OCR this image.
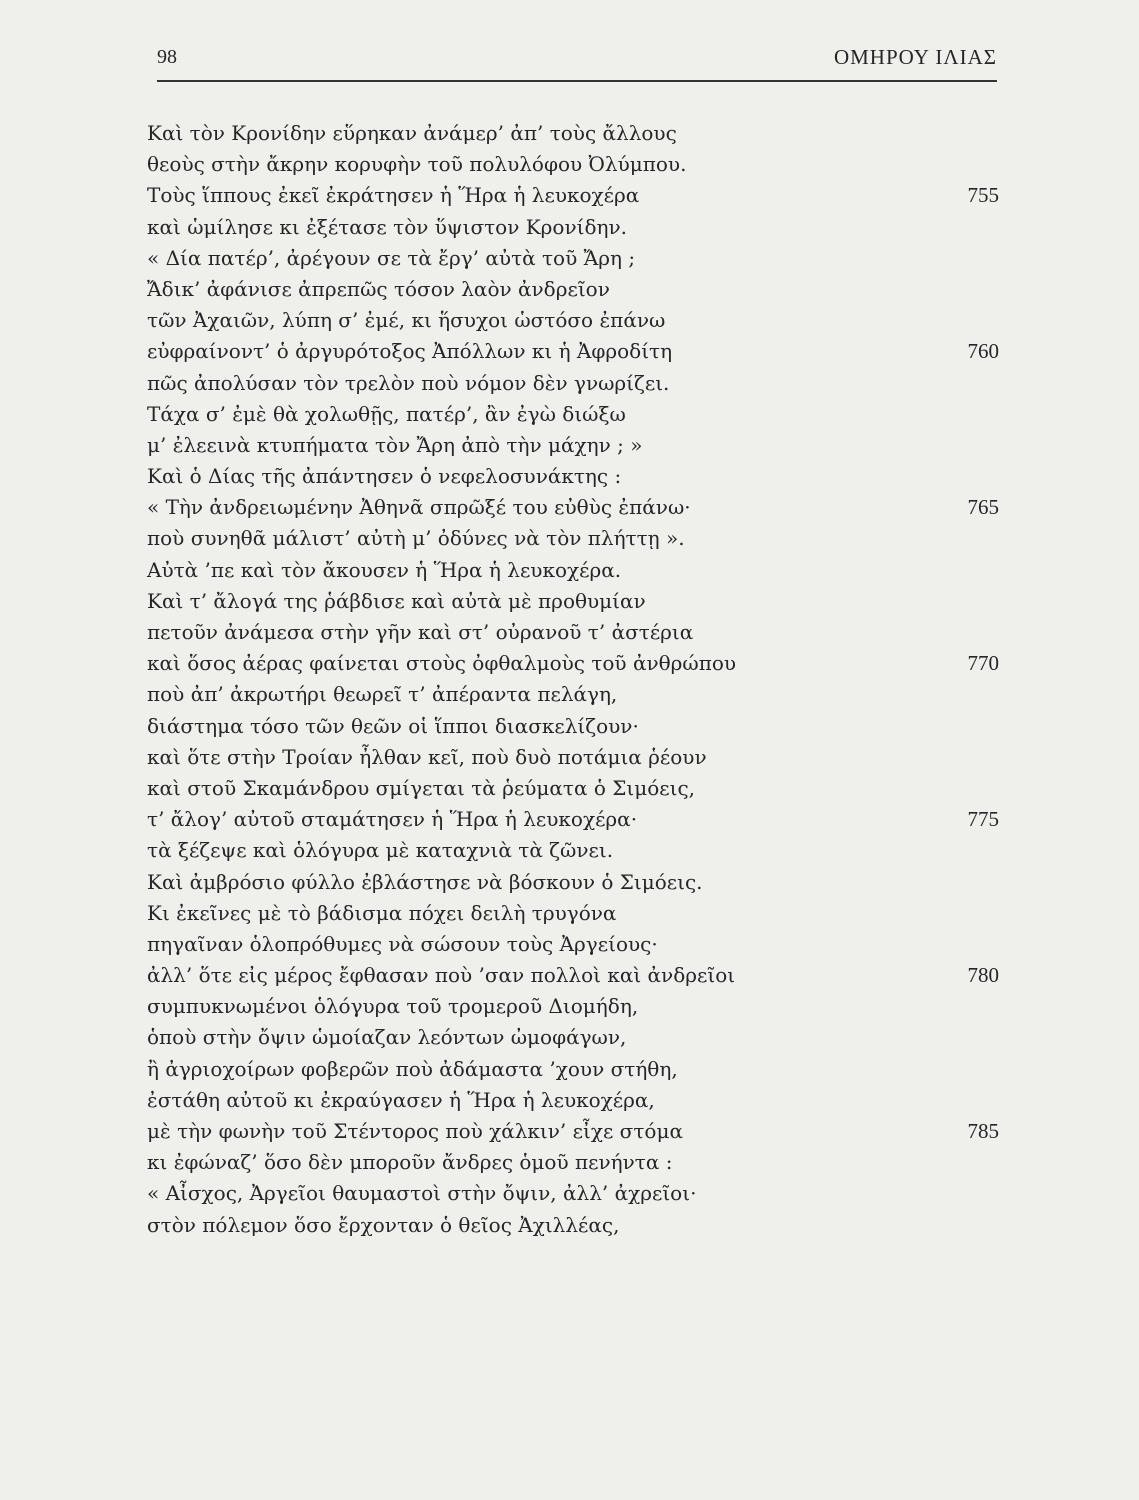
98	ΟΜΗΡΟΥ ΙΛΙΑΣ
Καὶ τὸν Κρονίδην εὕρηκαν ἀνάμερ’ ἀπ’ τοὺς ἄλλους
θεοὺς στὴν ἄκρην κορυφὴν τοῦ πολυλόφου Ὀλύμπου.
Τοὺς ἵππους ἐκεῖ ἐκράτησεν ἡ Ἥρα ἡ λευκοχέρα	755
καὶ ὡμίλησε κι ἐξέτασε τὸν ὕψιστον Κρονίδην.
« Δία πατέρ’, ἀρέγουν σε τὰ ἔργ’ αὐτὰ τοῦ Ἄρη ;
Ἄδικ’ ἀφάνισε ἀπρεπῶς τόσον λαὸν ἀνδρεῖον
τῶν Ἀχαιῶν, λύπη σ’ ἐμέ, κι ἥσυχοι ὡστόσο ἐπάνω
εὐφραίνοντ’ ὁ ἀργυρότοξος Ἀπόλλων κι ἡ Ἀφροδίτη	760
πῶς ἀπολύσαν τὸν τρελὸν ποὺ νόμον δὲν γνωρίζει.
Τάχα σ’ ἐμὲ θὰ χολωθῇς, πατέρ’, ἂν ἐγὼ διώξω
μ’ ἐλεεινὰ κτυπήματα τὸν Ἄρη ἀπὸ τὴν μάχην ; »
Καὶ ὁ Δίας τῆς ἀπάντησεν ὁ νεφελοσυνάκτης :
« Τὴν ἀνδρειωμένην Ἀθηνᾶ σπρῶξέ του εὐθὺς ἐπάνω·	765
ποὺ συνηθᾶ μάλιστ’ αὐτὴ μ’ ὀδύνες νὰ τὸν πλήττῃ ».
Αὐτὰ ’πε καὶ τὸν ἄκουσεν ἡ Ἥρα ἡ λευκοχέρα.
Καὶ τ’ ἄλογά της ῥάβδισε καὶ αὐτὰ μὲ προθυμίαν
πετοῦν ἀνάμεσα στὴν γῆν καὶ στ’ οὐρανοῦ τ’ ἀστέρια
καὶ ὅσος ἀέρας φαίνεται στοὺς ὀφθαλμοὺς τοῦ ἀνθρώπου	770
ποὺ ἀπ’ ἀκρωτήρι θεωρεῖ τ’ ἀπέραντα πελάγη,
διάστημα τόσο τῶν θεῶν οἱ ἵπποι διασκελίζουν·
καὶ ὅτε στὴν Τροίαν ἦλθαν κεῖ, ποὺ δυὸ ποτάμια ῥέουν
καὶ στοῦ Σκαμάνδρου σμίγεται τὰ ῥεύματα ὁ Σιμόεις,
τ’ ἄλογ’ αὐτοῦ σταμάτησεν ἡ Ἥρα ἡ λευκοχέρα·	775
τὰ ξέζεψε καὶ ὁλόγυρα μὲ καταχνιὰ τὰ ζῶνει.
Καὶ ἀμβρόσιο φύλλο ἐβλάστησε νὰ βόσκουν ὁ Σιμόεις.
Κι ἐκεῖνες μὲ τὸ βάδισμα πόχει δειλὴ τρυγόνα
πηγαῖναν ὁλοπρόθυμες νὰ σώσουν τοὺς Ἀργείους·
ἀλλ’ ὅτε εἰς μέρος ἔφθασαν ποὺ ’σαν πολλοὶ καὶ ἀνδρεῖοι	780
συμπυκνωμένοι ὁλόγυρα τοῦ τρομεροῦ Διομήδη,
ὁποὺ στὴν ὄψιν ὡμοίαζαν λεόντων ὠμοφάγων,
ἢ ἀγριοχοίρων φοβερῶν ποὺ ἀδάμαστα ’χουν στήθη,
ἐστάθη αὐτοῦ κι ἐκραύγασεν ἡ Ἥρα ἡ λευκοχέρα,
μὲ τὴν φωνὴν τοῦ Στέντορος ποὺ χάλκιν’ εἶχε στόμα	785
κι ἐφώναζ’ ὅσο δὲν μποροῦν ἄνδρες ὁμοῦ πενήντα :
« Αἶσχος, Ἀργεῖοι θαυμαστοὶ στὴν ὄψιν, ἀλλ’ ἀχρεῖοι·
στὸν πόλεμον ὅσο ἔρχονταν ὁ θεῖος Ἀχιλλέας,
